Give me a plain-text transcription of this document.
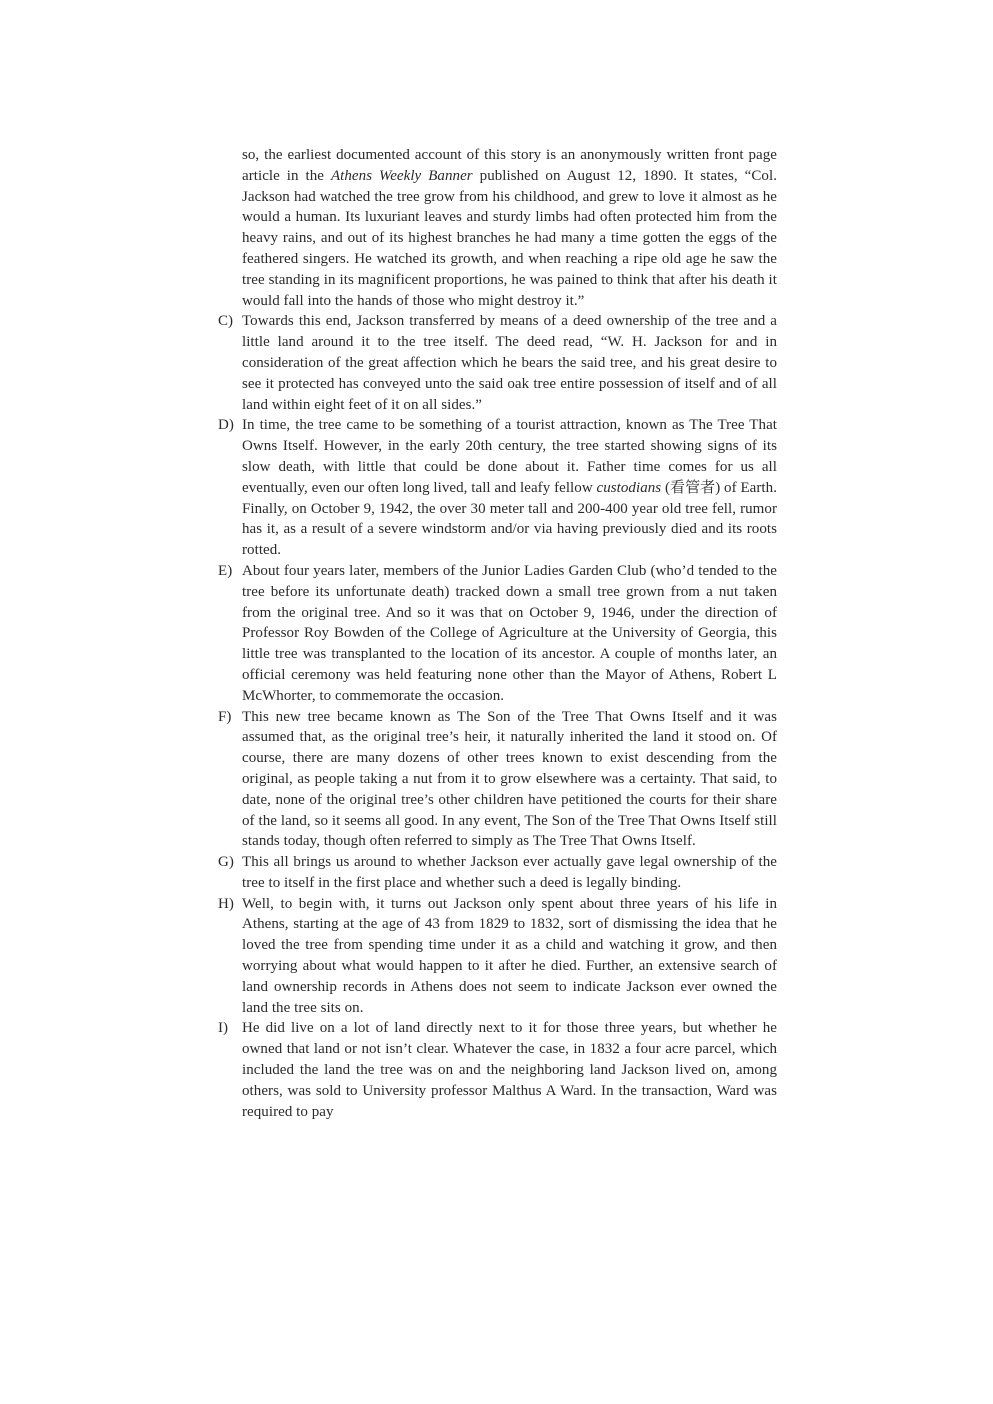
so, the earliest documented account of this story is an anonymously written front page article in the Athens Weekly Banner published on August 12, 1890. It states, “Col. Jackson had watched the tree grow from his childhood, and grew to love it almost as he would a human. Its luxuriant leaves and sturdy limbs had often protected him from the heavy rains, and out of its highest branches he had many a time gotten the eggs of the feathered singers. He watched its growth, and when reaching a ripe old age he saw the tree standing in its magnificent proportions, he was pained to think that after his death it would fall into the hands of those who might destroy it.”
C) Towards this end, Jackson transferred by means of a deed ownership of the tree and a little land around it to the tree itself. The deed read, “W. H. Jackson for and in consideration of the great affection which he bears the said tree, and his great desire to see it protected has conveyed unto the said oak tree entire possession of itself and of all land within eight feet of it on all sides.”
D) In time, the tree came to be something of a tourist attraction, known as The Tree That Owns Itself. However, in the early 20th century, the tree started showing signs of its slow death, with little that could be done about it. Father time comes for us all eventually, even our often long lived, tall and leafy fellow custodians (看管者) of Earth. Finally, on October 9, 1942, the over 30 meter tall and 200-400 year old tree fell, rumor has it, as a result of a severe windstorm and/or via having previously died and its roots rotted.
E) About four years later, members of the Junior Ladies Garden Club (who’d tended to the tree before its unfortunate death) tracked down a small tree grown from a nut taken from the original tree. And so it was that on October 9, 1946, under the direction of Professor Roy Bowden of the College of Agriculture at the University of Georgia, this little tree was transplanted to the location of its ancestor. A couple of months later, an official ceremony was held featuring none other than the Mayor of Athens, Robert L McWhorter, to commemorate the occasion.
F) This new tree became known as The Son of the Tree That Owns Itself and it was assumed that, as the original tree’s heir, it naturally inherited the land it stood on. Of course, there are many dozens of other trees known to exist descending from the original, as people taking a nut from it to grow elsewhere was a certainty. That said, to date, none of the original tree’s other children have petitioned the courts for their share of the land, so it seems all good. In any event, The Son of the Tree That Owns Itself still stands today, though often referred to simply as The Tree That Owns Itself.
G) This all brings us around to whether Jackson ever actually gave legal ownership of the tree to itself in the first place and whether such a deed is legally binding.
H) Well, to begin with, it turns out Jackson only spent about three years of his life in Athens, starting at the age of 43 from 1829 to 1832, sort of dismissing the idea that he loved the tree from spending time under it as a child and watching it grow, and then worrying about what would happen to it after he died. Further, an extensive search of land ownership records in Athens does not seem to indicate Jackson ever owned the land the tree sits on.
I) He did live on a lot of land directly next to it for those three years, but whether he owned that land or not isn’t clear. Whatever the case, in 1832 a four acre parcel, which included the land the tree was on and the neighboring land Jackson lived on, among others, was sold to University professor Malthus A Ward. In the transaction, Ward was required to pay
